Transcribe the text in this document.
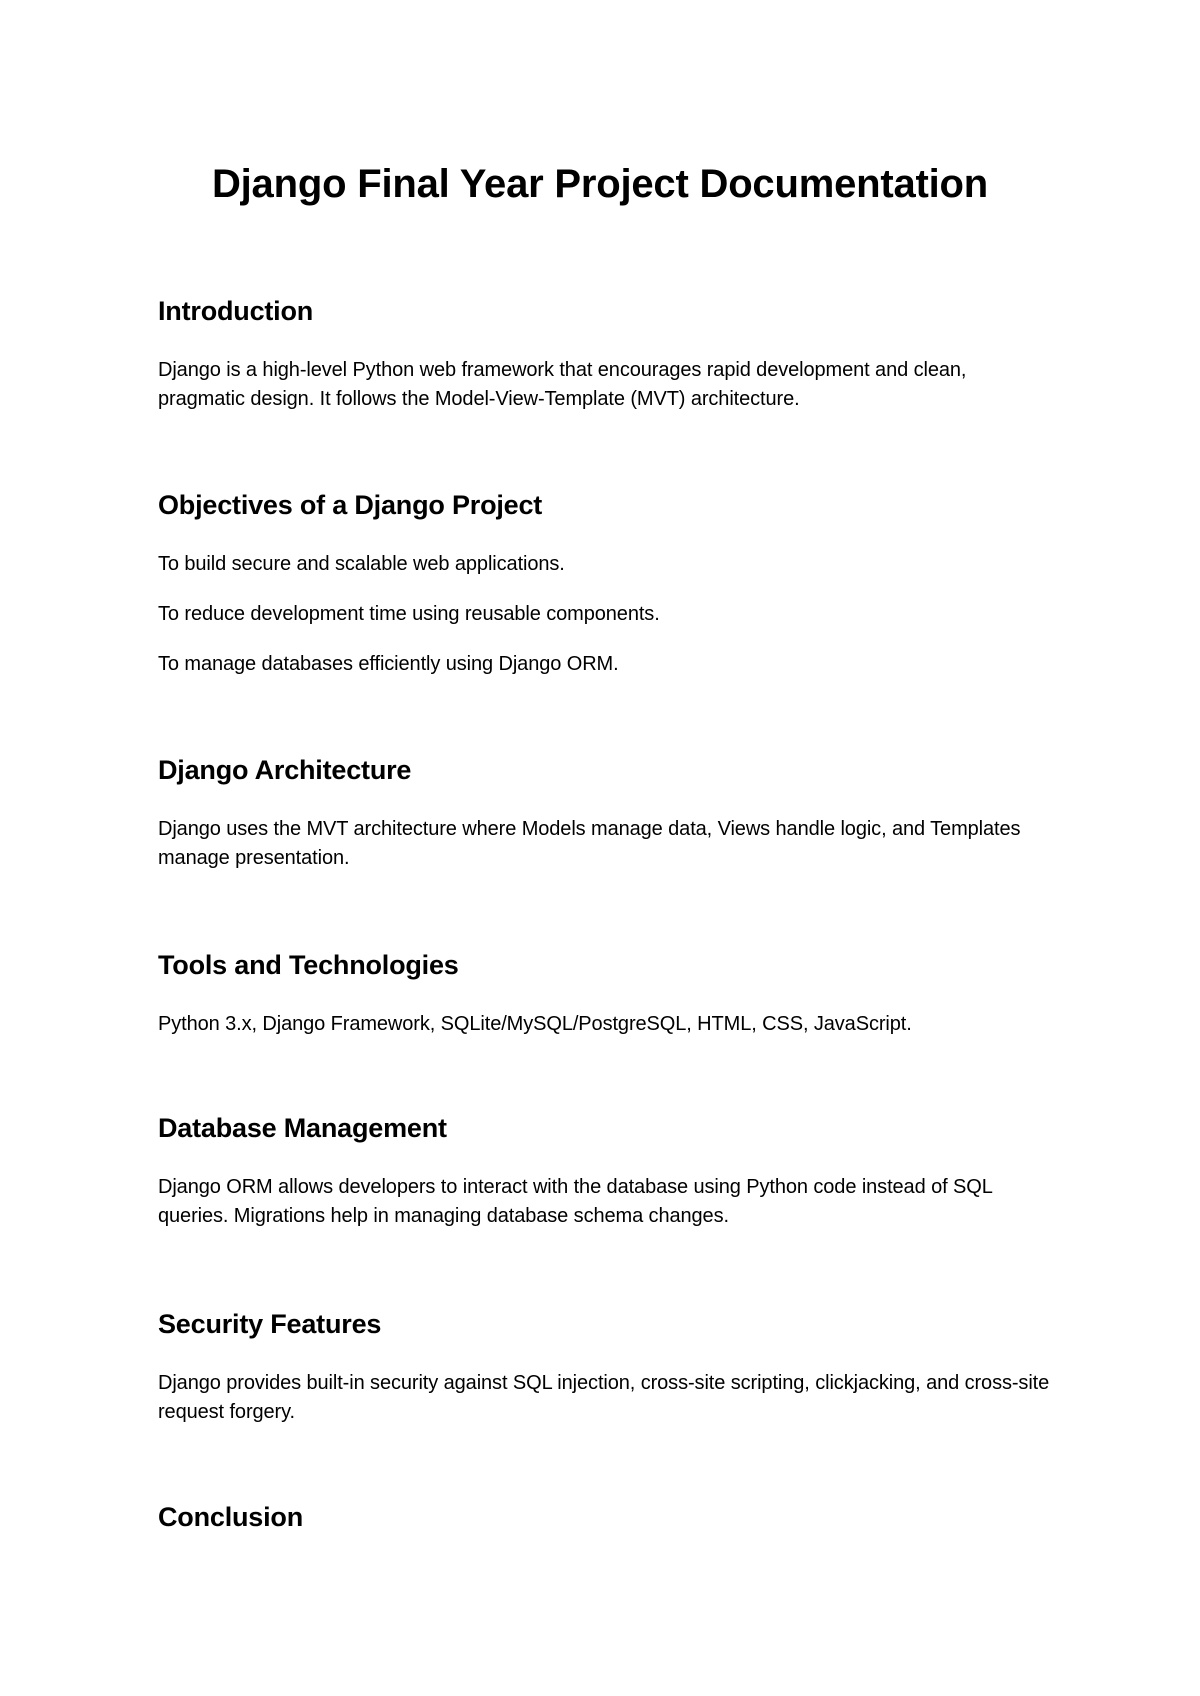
Django Final Year Project Documentation
Introduction

Django is a high-level Python web framework that encourages rapid development and clean, pragmatic design. It follows the Model-View-Template (MVT) architecture.

Objectives of a Django Project

To build secure and scalable web applications.

To reduce development time using reusable components.

To manage databases efficiently using Django ORM.

Django Architecture

Django uses the MVT architecture where Models manage data, Views handle logic, and Templates manage presentation.

Tools and Technologies

Python 3.x, Django Framework, SQLite/MySQL/PostgreSQL, HTML, CSS, JavaScript.

Database Management

Django ORM allows developers to interact with the database using Python code instead of SQL queries. Migrations help in managing database schema changes.

Security Features

Django provides built-in security against SQL injection, cross-site scripting, clickjacking, and cross-site request forgery.

Conclusion
